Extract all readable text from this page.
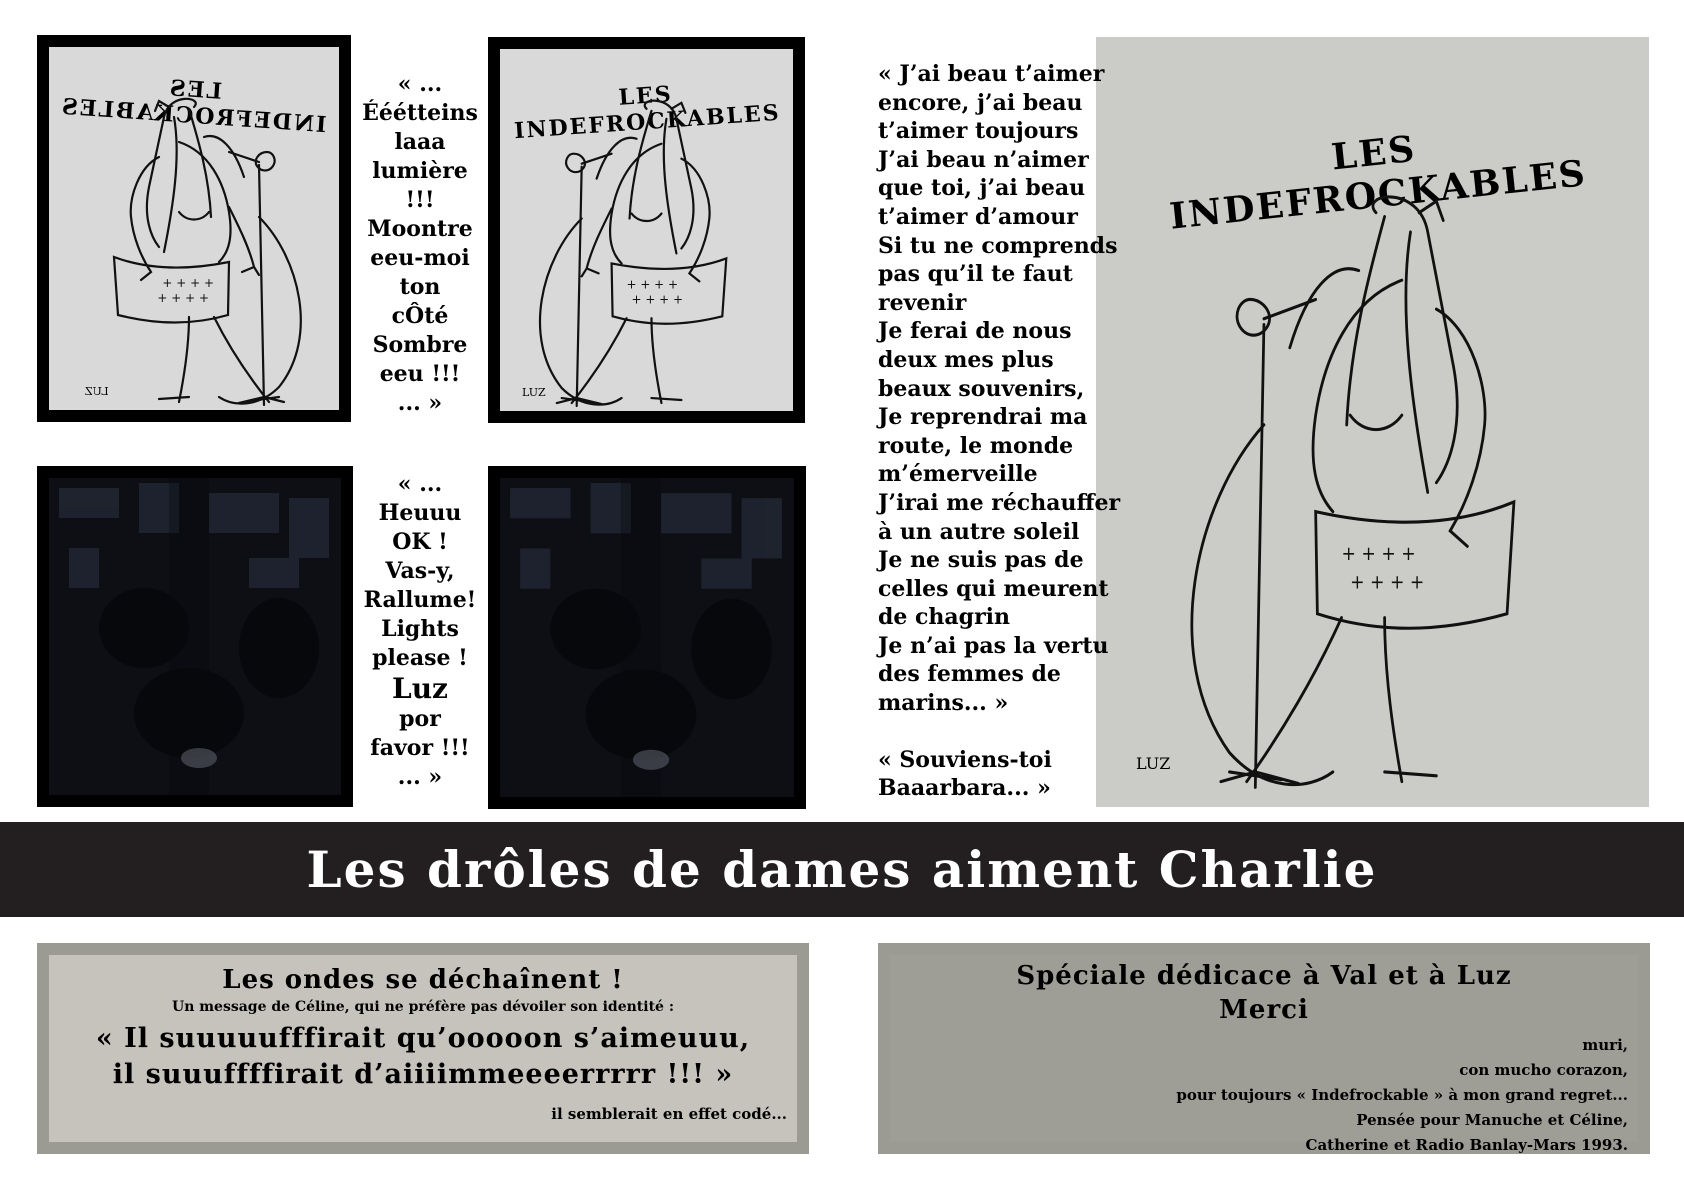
LES INDEFROCKABLES
+ + + +
+ + + +
LUZ
« ...
Ééétteins
laaa
lumière
!!!
Moontre
eeu-moi
ton
cÔté
Sombre
eeu !!!
... »
LES INDEFROCKABLES
+ + + +
+ + + +
LUZ
« ...
Heuuu
OK !
Vas-y,
Rallume!
Lights
please !
Luz
por
favor !!!
... »
LES INDEFROCKABLES
+ + + +
+ + + +
LUZ

« J’ai beau t’aimer

encore, j’ai beau

t’aimer toujours

J’ai beau n’aimer

que toi, j’ai beau

t’aimer d’amour

Si tu ne comprends

pas qu’il te faut

revenir

Je ferai de nous

deux mes plus

beaux souvenirs,

Je reprendrai ma

route, le monde

m’émerveille

J’irai me réchauffer

à un autre soleil

Je ne suis pas de

celles qui meurent

de chagrin

Je n’ai pas la vertu

des femmes de

marins... »

« Souviens-toi

Baaarbara... »

Les drôles de dames aiment Charlie
Les ondes se déchaînent !
Un message de Céline, qui ne préfère pas dévoiler son identité :
« Il suuuuufffirait qu’ooooon s’aimeuuu,
il suuuffffirait d’aiiiimmeeeerrrrr !!! »
il semblerait en effet codé...
Spéciale dédicace à Val et à Luz
Merci
muri,
con mucho corazon,
pour toujours « Indefrockable » à mon grand regret...
Pensée pour Manuche et Céline,
Catherine et Radio Banlay-Mars 1993.
